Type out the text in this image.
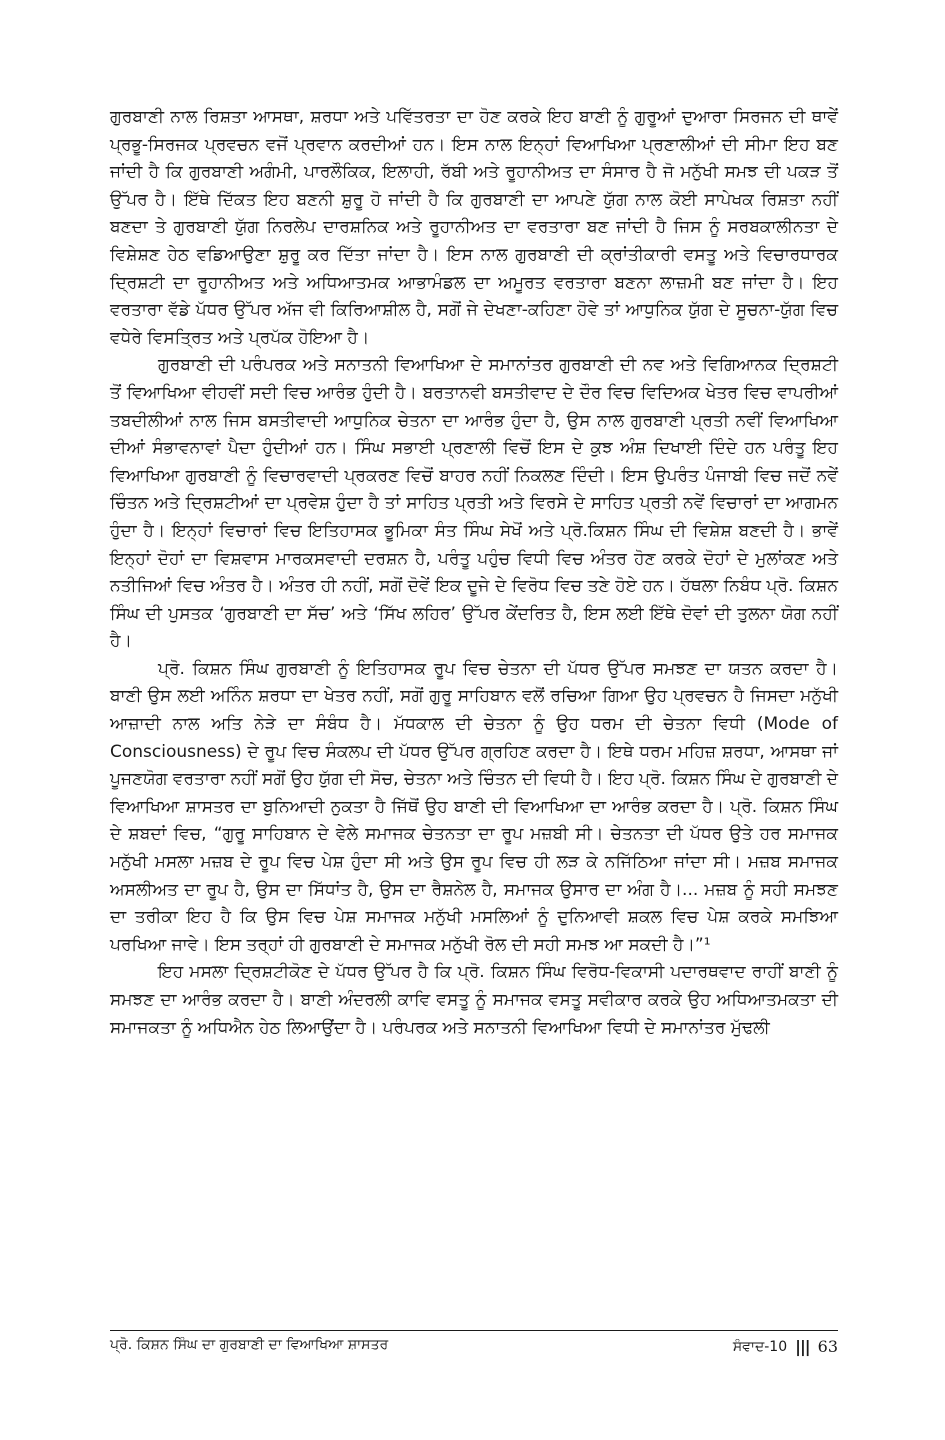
ਗੁਰਬਾਣੀ ਨਾਲ ਰਿਸ਼ਤਾ ਆਸਥਾ, ਸ਼ਰਧਾ ਅਤੇ ਪਵਿੱਤਰਤਾ ਦਾ ਹੋਣ ਕਰਕੇ ਇਹ ਬਾਣੀ ਨੂੰ ਗੁਰੂਆਂ ਦੁਆਰਾ ਸਿਰਜਨ ਦੀ ਥਾਵੇਂ ਪ੍ਰਭੂ-ਸਿਰਜਕ ਪ੍ਰਵਚਨ ਵਜੋਂ ਪ੍ਰਵਾਨ ਕਰਦੀਆਂ ਹਨ। ਇਸ ਨਾਲ ਇਨ੍ਹਾਂ ਵਿਆਖਿਆ ਪ੍ਰਣਾਲੀਆਂ ਦੀ ਸੀਮਾ ਇਹ ਬਣ ਜਾਂਦੀ ਹੈ ਕਿ ਗੁਰਬਾਣੀ ਅਗੰਮੀ, ਪਾਰਲੌਕਿਕ, ਇਲਾਹੀ, ਰੱਬੀ ਅਤੇ ਰੂਹਾਨੀਅਤ ਦਾ ਸੰਸਾਰ ਹੈ ਜੋ ਮਨੁੱਖੀ ਸਮਝ ਦੀ ਪਕੜ ਤੋਂ ਉੱਪਰ ਹੈ। ਇੱਥੇ ਦਿੱਕਤ ਇਹ ਬਣਨੀ ਸ਼ੁਰੂ ਹੋ ਜਾਂਦੀ ਹੈ ਕਿ ਗੁਰਬਾਣੀ ਦਾ ਆਪਣੇ ਯੁੱਗ ਨਾਲ ਕੋਈ ਸਾਪੇਖਕ ਰਿਸ਼ਤਾ ਨਹੀਂ ਬਣਦਾ ਤੇ ਗੁਰਬਾਣੀ ਯੁੱਗ ਨਿਰਲੇਪ ਦਾਰਸ਼ਨਿਕ ਅਤੇ ਰੂਹਾਨੀਅਤ ਦਾ ਵਰਤਾਰਾ ਬਣ ਜਾਂਦੀ ਹੈ ਜਿਸ ਨੂੰ ਸਰਬਕਾਲੀਨਤਾ ਦੇ ਵਿਸ਼ੇਸ਼ਣ ਹੇਠ ਵਡਿਆਉਣਾ ਸ਼ੁਰੂ ਕਰ ਦਿੱਤਾ ਜਾਂਦਾ ਹੈ। ਇਸ ਨਾਲ ਗੁਰਬਾਣੀ ਦੀ ਕ੍ਰਾਂਤੀਕਾਰੀ ਵਸਤੂ ਅਤੇ ਵਿਚਾਰਧਾਰਕ ਦ੍ਰਿਸ਼ਟੀ ਦਾ ਰੂਹਾਨੀਅਤ ਅਤੇ ਅਧਿਆਤਮਕ ਆਭਾਮੰਡਲ ਦਾ ਅਮੂਰਤ ਵਰਤਾਰਾ ਬਣਨਾ ਲਾਜ਼ਮੀ ਬਣ ਜਾਂਦਾ ਹੈ। ਇਹ ਵਰਤਾਰਾ ਵੱਡੇ ਪੱਧਰ ਉੱਪਰ ਅੱਜ ਵੀ ਕਿਰਿਆਸ਼ੀਲ ਹੈ, ਸਗੋਂ ਜੇ ਦੇਖਣਾ-ਕਹਿਣਾ ਹੋਵੇ ਤਾਂ ਆਧੁਨਿਕ ਯੁੱਗ ਦੇ ਸੂਚਨਾ-ਯੁੱਗ ਵਿਚ ਵਧੇਰੇ ਵਿਸਤ੍ਰਿਤ ਅਤੇ ਪ੍ਰਪੱਕ ਹੋਇਆ ਹੈ।

ਗੁਰਬਾਣੀ ਦੀ ਪਰੰਪਰਕ ਅਤੇ ਸਨਾਤਨੀ ਵਿਆਖਿਆ ਦੇ ਸਮਾਨਾਂਤਰ ਗੁਰਬਾਣੀ ਦੀ ਨਵ ਅਤੇ ਵਿਗਿਆਨਕ ਦ੍ਰਿਸ਼ਟੀ ਤੋਂ ਵਿਆਖਿਆ ਵੀਹਵੀਂ ਸਦੀ ਵਿਚ ਆਰੰਭ ਹੁੰਦੀ ਹੈ। ਬਰਤਾਨਵੀ ਬਸਤੀਵਾਦ ਦੇ ਦੌਰ ਵਿਚ ਵਿਦਿਅਕ ਖੇਤਰ ਵਿਚ ਵਾਪਰੀਆਂ ਤਬਦੀਲੀਆਂ ਨਾਲ ਜਿਸ ਬਸਤੀਵਾਦੀ ਆਧੁਨਿਕ ਚੇਤਨਾ ਦਾ ਆਰੰਭ ਹੁੰਦਾ ਹੈ, ਉਸ ਨਾਲ ਗੁਰਬਾਣੀ ਪ੍ਰਤੀ ਨਵੀਂ ਵਿਆਖਿਆ ਦੀਆਂ ਸੰਭਾਵਨਾਵਾਂ ਪੈਦਾ ਹੁੰਦੀਆਂ ਹਨ। ਸਿੰਘ ਸਭਾਈ ਪ੍ਰਣਾਲੀ ਵਿਚੋਂ ਇਸ ਦੇ ਕੁਝ ਅੰਸ਼ ਦਿਖਾਈ ਦਿੰਦੇ ਹਨ ਪਰੰਤੂ ਇਹ ਵਿਆਖਿਆ ਗੁਰਬਾਣੀ ਨੂੰ ਵਿਚਾਰਵਾਦੀ ਪ੍ਰਕਰਣ ਵਿਚੋਂ ਬਾਹਰ ਨਹੀਂ ਨਿਕਲਣ ਦਿੰਦੀ। ਇਸ ਉਪਰੰਤ ਪੰਜਾਬੀ ਵਿਚ ਜਦੋਂ ਨਵੇਂ ਚਿੰਤਨ ਅਤੇ ਦ੍ਰਿਸ਼ਟੀਆਂ ਦਾ ਪ੍ਰਵੇਸ਼ ਹੁੰਦਾ ਹੈ ਤਾਂ ਸਾਹਿਤ ਪ੍ਰਤੀ ਅਤੇ ਵਿਰਸੇ ਦੇ ਸਾਹਿਤ ਪ੍ਰਤੀ ਨਵੇਂ ਵਿਚਾਰਾਂ ਦਾ ਆਗਮਨ ਹੁੰਦਾ ਹੈ। ਇਨ੍ਹਾਂ ਵਿਚਾਰਾਂ ਵਿਚ ਇਤਿਹਾਸਕ ਭੂਮਿਕਾ ਸੰਤ ਸਿੰਘ ਸੇਖੋਂ ਅਤੇ ਪ੍ਰੋ.ਕਿਸ਼ਨ ਸਿੰਘ ਦੀ ਵਿਸ਼ੇਸ਼ ਬਣਦੀ ਹੈ। ਭਾਵੇਂ ਇਨ੍ਹਾਂ ਦੋਹਾਂ ਦਾ ਵਿਸ਼ਵਾਸ ਮਾਰਕਸਵਾਦੀ ਦਰਸ਼ਨ ਹੈ, ਪਰੰਤੂ ਪਹੁੰਚ ਵਿਧੀ ਵਿਚ ਅੰਤਰ ਹੋਣ ਕਰਕੇ ਦੋਹਾਂ ਦੇ ਮੁਲਾਂਕਣ ਅਤੇ ਨਤੀਜਿਆਂ ਵਿਚ ਅੰਤਰ ਹੈ। ਅੰਤਰ ਹੀ ਨਹੀਂ, ਸਗੋਂ ਦੋਵੇਂ ਇਕ ਦੂਜੇ ਦੇ ਵਿਰੋਧ ਵਿਚ ਤਣੇ ਹੋਏ ਹਨ। ਹੱਥਲਾ ਨਿਬੰਧ ਪ੍ਰੋ. ਕਿਸ਼ਨ ਸਿੰਘ ਦੀ ਪੁਸਤਕ ‘ਗੁਰਬਾਣੀ ਦਾ ਸੱਚ’ ਅਤੇ ‘ਸਿੱਖ ਲਹਿਰ’ ਉੱਪਰ ਕੇਂਦਰਿਤ ਹੈ, ਇਸ ਲਈ ਇੱਥੇ ਦੋਵਾਂ ਦੀ ਤੁਲਨਾ ਯੋਗ ਨਹੀਂ ਹੈ।

ਪ੍ਰੋ. ਕਿਸ਼ਨ ਸਿੰਘ ਗੁਰਬਾਣੀ ਨੂੰ ਇਤਿਹਾਸਕ ਰੂਪ ਵਿਚ ਚੇਤਨਾ ਦੀ ਪੱਧਰ ਉੱਪਰ ਸਮਝਣ ਦਾ ਯਤਨ ਕਰਦਾ ਹੈ। ਬਾਣੀ ਉਸ ਲਈ ਅਨਿੰਨ ਸ਼ਰਧਾ ਦਾ ਖੇਤਰ ਨਹੀਂ, ਸਗੋਂ ਗੁਰੂ ਸਾਹਿਬਾਨ ਵਲੋਂ ਰਚਿਆ ਗਿਆ ਉਹ ਪ੍ਰਵਚਨ ਹੈ ਜਿਸਦਾ ਮਨੁੱਖੀ ਆਜ਼ਾਦੀ ਨਾਲ ਅਤਿ ਨੇੜੇ ਦਾ ਸੰਬੰਧ ਹੈ। ਮੱਧਕਾਲ ਦੀ ਚੇਤਨਾ ਨੂੰ ਉਹ ਧਰਮ ਦੀ ਚੇਤਨਾ ਵਿਧੀ (Mode of Consciousness) ਦੇ ਰੂਪ ਵਿਚ ਸੰਕਲਪ ਦੀ ਪੱਧਰ ਉੱਪਰ ਗ੍ਰਹਿਣ ਕਰਦਾ ਹੈ। ਇਥੇ ਧਰਮ ਮਹਿਜ਼ ਸ਼ਰਧਾ, ਆਸਥਾ ਜਾਂ ਪੂਜਣਯੋਗ ਵਰਤਾਰਾ ਨਹੀਂ ਸਗੋਂ ਉਹ ਯੁੱਗ ਦੀ ਸੋਚ, ਚੇਤਨਾ ਅਤੇ ਚਿੰਤਨ ਦੀ ਵਿਧੀ ਹੈ। ਇਹ ਪ੍ਰੋ. ਕਿਸ਼ਨ ਸਿੰਘ ਦੇ ਗੁਰਬਾਣੀ ਦੇ ਵਿਆਖਿਆ ਸ਼ਾਸਤਰ ਦਾ ਬੁਨਿਆਦੀ ਨੁਕਤਾ ਹੈ ਜਿੱਥੋਂ ਉਹ ਬਾਣੀ ਦੀ ਵਿਆਖਿਆ ਦਾ ਆਰੰਭ ਕਰਦਾ ਹੈ। ਪ੍ਰੋ. ਕਿਸ਼ਨ ਸਿੰਘ ਦੇ ਸ਼ਬਦਾਂ ਵਿਚ, “ਗੁਰੂ ਸਾਹਿਬਾਨ ਦੇ ਵੇਲੇ ਸਮਾਜਕ ਚੇਤਨਤਾ ਦਾ ਰੂਪ ਮਜ਼ਬੀ ਸੀ। ਚੇਤਨਤਾ ਦੀ ਪੱਧਰ ਉਤੇ ਹਰ ਸਮਾਜਕ ਮਨੁੱਖੀ ਮਸਲਾ ਮਜ਼ਬ ਦੇ ਰੂਪ ਵਿਚ ਪੇਸ਼ ਹੁੰਦਾ ਸੀ ਅਤੇ ਉਸ ਰੂਪ ਵਿਚ ਹੀ ਲੜ ਕੇ ਨਜਿੱਠਿਆ ਜਾਂਦਾ ਸੀ। ਮਜ਼ਬ ਸਮਾਜਕ ਅਸਲੀਅਤ ਦਾ ਰੂਪ ਹੈ, ਉਸ ਦਾ ਸਿੱਧਾਂਤ ਹੈ, ਉਸ ਦਾ ਰੈਸ਼ਨੇਲ ਹੈ, ਸਮਾਜਕ ਉਸਾਰ ਦਾ ਅੰਗ ਹੈ।... ਮਜ਼ਬ ਨੂੰ ਸਹੀ ਸਮਝਣ ਦਾ ਤਰੀਕਾ ਇਹ ਹੈ ਕਿ ਉਸ ਵਿਚ ਪੇਸ਼ ਸਮਾਜਕ ਮਨੁੱਖੀ ਮਸਲਿਆਂ ਨੂੰ ਦੁਨਿਆਵੀ ਸ਼ਕਲ ਵਿਚ ਪੇਸ਼ ਕਰਕੇ ਸਮਝਿਆ ਪਰਖਿਆ ਜਾਵੇ। ਇਸ ਤਰ੍ਹਾਂ ਹੀ ਗੁਰਬਾਣੀ ਦੇ ਸਮਾਜਕ ਮਨੁੱਖੀ ਰੋਲ ਦੀ ਸਹੀ ਸਮਝ ਆ ਸਕਦੀ ਹੈ।”¹

ਇਹ ਮਸਲਾ ਦ੍ਰਿਸ਼ਟੀਕੋਣ ਦੇ ਪੱਧਰ ਉੱਪਰ ਹੈ ਕਿ ਪ੍ਰੋ. ਕਿਸ਼ਨ ਸਿੰਘ ਵਿਰੋਧ-ਵਿਕਾਸੀ ਪਦਾਰਥਵਾਦ ਰਾਹੀਂ ਬਾਣੀ ਨੂੰ ਸਮਝਣ ਦਾ ਆਰੰਭ ਕਰਦਾ ਹੈ। ਬਾਣੀ ਅੰਦਰਲੀ ਕਾਵਿ ਵਸਤੂ ਨੂੰ ਸਮਾਜਕ ਵਸਤੂ ਸਵੀਕਾਰ ਕਰਕੇ ਉਹ ਅਧਿਆਤਮਕਤਾ ਦੀ ਸਮਾਜਕਤਾ ਨੂੰ ਅਧਿਐਨ ਹੇਠ ਲਿਆਉਂਦਾ ਹੈ। ਪਰੰਪਰਕ ਅਤੇ ਸਨਾਤਨੀ ਵਿਆਖਿਆ ਵਿਧੀ ਦੇ ਸਮਾਨਾਂਤਰ ਮੁੱਢਲੀ

ਪ੍ਰੋ. ਕਿਸ਼ਨ ਸਿੰਘ ਦਾ ਗੁਰਬਾਣੀ ਦਾ ਵਿਆਖਿਆ ਸ਼ਾਸਤਰ	ਸੰਵਾਦ-10 ||| 63
